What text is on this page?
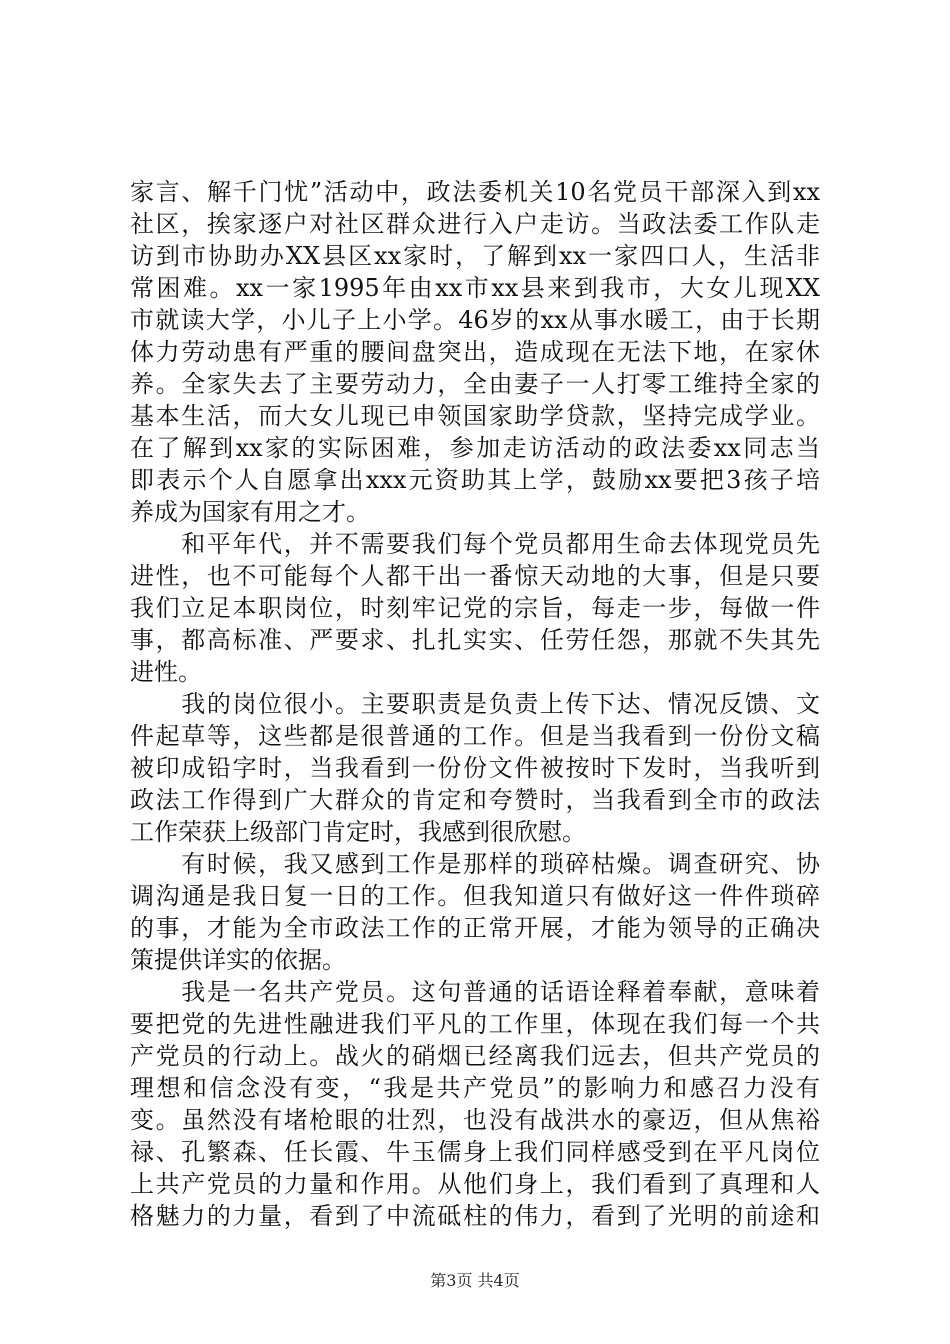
家言、解千门忧”活动中，政法委机关10名党员干部深入到xx
社区，挨家逐户对社区群众进行入户走访。当政法委工作队走
访到市协助办XX县区xx家时，了解到xx一家四口人，生活非
常困难。xx一家1995年由xx市xx县来到我市，大女儿现XX
市就读大学，小儿子上小学。46岁的xx从事水暖工，由于长期
体力劳动患有严重的腰间盘突出，造成现在无法下地，在家休
养。全家失去了主要劳动力，全由妻子一人打零工维持全家的
基本生活，而大女儿现已申领国家助学贷款，坚持完成学业。
在了解到xx家的实际困难，参加走访活动的政法委xx同志当
即表示个人自愿拿出xxx元资助其上学，鼓励xx要把3孩子培
养成为国家有用之才。
　　和平年代，并不需要我们每个党员都用生命去体现党员先
进性，也不可能每个人都干出一番惊天动地的大事，但是只要
我们立足本职岗位，时刻牢记党的宗旨，每走一步，每做一件
事，都高标准、严要求、扎扎实实、任劳任怨，那就不失其先
进性。
　　我的岗位很小。主要职责是负责上传下达、情况反馈、文
件起草等，这些都是很普通的工作。但是当我看到一份份文稿
被印成铅字时，当我看到一份份文件被按时下发时，当我听到
政法工作得到广大群众的肯定和夸赞时，当我看到全市的政法
工作荣获上级部门肯定时，我感到很欣慰。
　　有时候，我又感到工作是那样的琐碎枯燥。调查研究、协
调沟通是我日复一日的工作。但我知道只有做好这一件件琐碎
的事，才能为全市政法工作的正常开展，才能为领导的正确决
策提供详实的依据。
　　我是一名共产党员。这句普通的话语诠释着奉献，意味着
要把党的先进性融进我们平凡的工作里，体现在我们每一个共
产党员的行动上。战火的硝烟已经离我们远去，但共产党员的
理想和信念没有变，“我是共产党员”的影响力和感召力没有
变。虽然没有堵枪眼的壮烈，也没有战洪水的豪迈，但从焦裕
禄、孔繁森、任长霞、牛玉儒身上我们同样感受到在平凡岗位
上共产党员的力量和作用。从他们身上，我们看到了真理和人
格魅力的力量，看到了中流砥柱的伟力，看到了光明的前途和
第3页 共4页
